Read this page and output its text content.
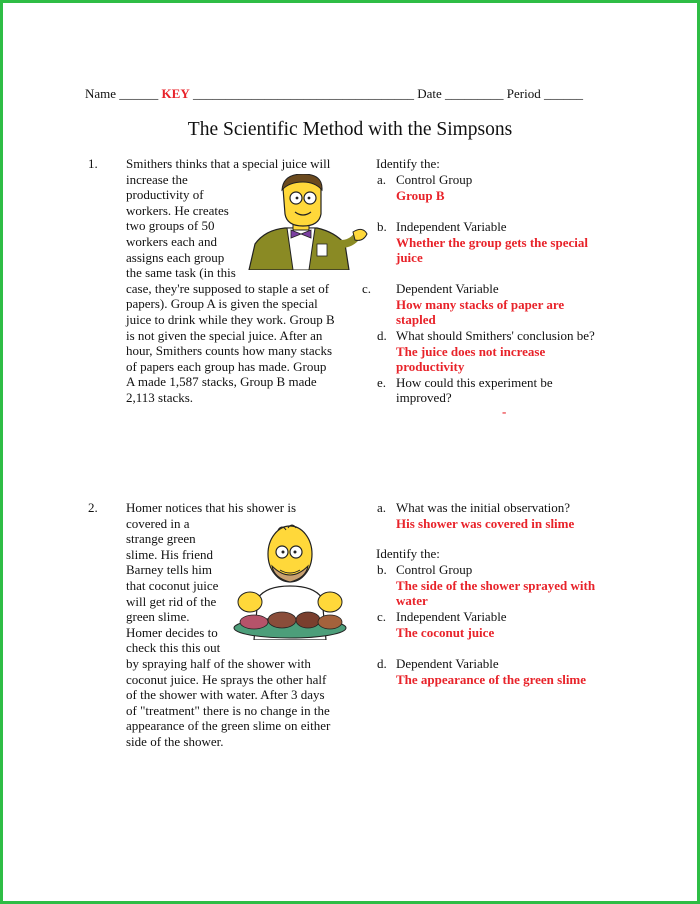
Name ______ KEY __________________________________ Date _________ Period ______
The Scientific Method with the Simpsons
1. Smithers thinks that a special juice will
increase the
productivity of
workers. He creates
two groups of 50
workers each and
assigns each group
the same task (in this
case, they're supposed to staple a set of
papers). Group A is given the special
juice to drink while they work. Group B
is not given the special juice. After an
hour, Smithers counts how many stacks
of papers each group has made. Group
A made 1,587 stacks, Group B made
2,113 stacks.
Identify the:
a. Control Group
Group B
b. Independent Variable
Whether the group gets the special
juice
c. Dependent Variable
How many stacks of paper are
stapled
d. What should Smithers' conclusion be?
The juice does not increase
productivity
e. How could this experiment be
improved?
-
2. Homer notices that his shower is
covered in a
strange green
slime. His friend
Barney tells him
that coconut juice
will get rid of the
green slime.
Homer decides to
check this this out
by spraying half of the shower with
coconut juice. He sprays the other half
of the shower with water. After 3 days
of "treatment" there is no change in the
appearance of the green slime on either
side of the shower.
a. What was the initial observation?
His shower was covered in slime
Identify the:
b. Control Group
The side of the shower sprayed with
water
c. Independent Variable
The coconut juice
d. Dependent Variable
The appearance of the green slime
